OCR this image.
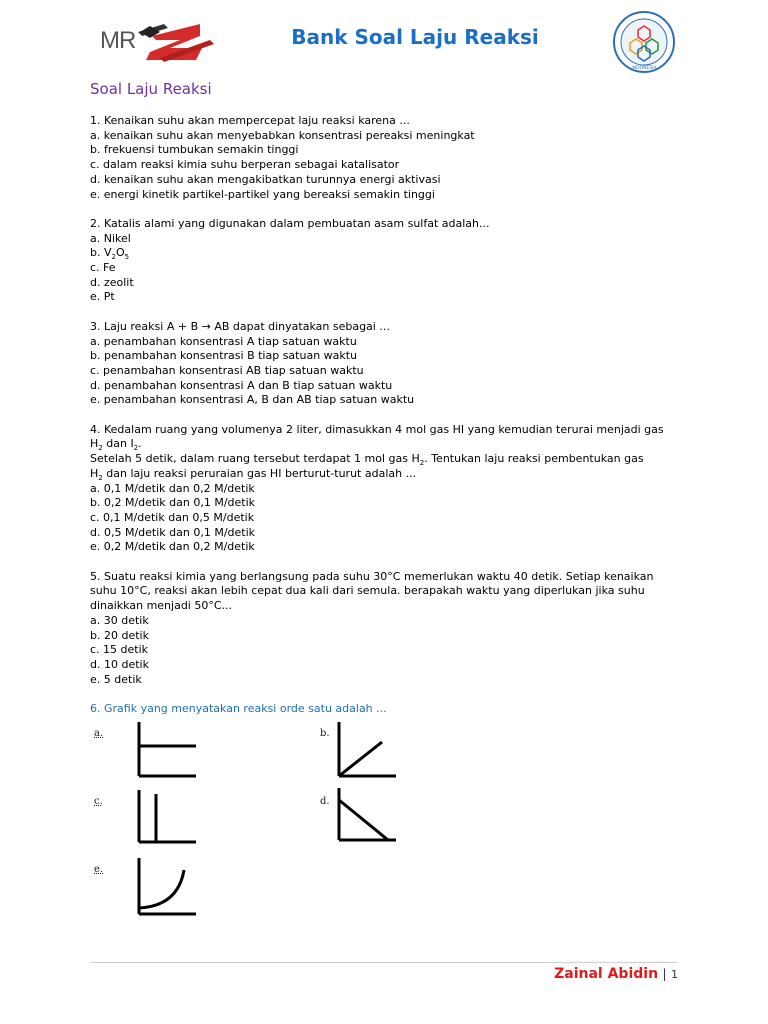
MR	Bank Soal Laju Reaksi
INDONESIA
Soal Laju Reaksi

1. Kenaikan suhu akan mempercepat laju reaksi karena ...

a. kenaikan suhu akan menyebabkan konsentrasi pereaksi meningkat

b. frekuensi tumbukan semakin tinggi

c. dalam reaksi kimia suhu berperan sebagai katalisator

d. kenaikan suhu akan mengakibatkan turunnya energi aktivasi

e. energi kinetik partikel-partikel yang bereaksi semakin tinggi

2. Katalis alami yang digunakan dalam pembuatan asam sulfat adalah...

a. Nikel

b. $V_2O_5$

c. Fe

d. zeolit

e. Pt

3. Laju reaksi A + B → AB dapat dinyatakan sebagai ...

a. penambahan konsentrasi A tiap satuan waktu

b. penambahan konsentrasi B tiap satuan waktu

c. penambahan konsentrasi AB tiap satuan waktu

d. penambahan konsentrasi A dan B tiap satuan waktu

e. penambahan konsentrasi A, B dan AB tiap satuan waktu

4. Kedalam ruang yang volumenya 2 liter, dimasukkan 4 mol gas HI yang kemudian terurai menjadi gas

$H_2$ dan $I_2$.

Setelah 5 detik, dalam ruang tersebut terdapat 1 mol gas $H_2$. Tentukan laju reaksi pembentukan gas

$H_2$ dan laju reaksi peruraian gas HI berturut-turut adalah ...

a. 0,1 M/detik dan 0,2 M/detik

b. 0,2 M/detik dan 0,1 M/detik

c. 0,1 M/detik dan 0,5 M/detik

d. 0,5 M/detik dan 0,1 M/detik

e. 0,2 M/detik dan 0,2 M/detik

5. Suatu reaksi kimia yang berlangsung pada suhu 30°C memerlukan waktu 40 detik. Setiap kenaikan

suhu 10°C, reaksi akan lebih cepat dua kali dari semula. berapakah waktu yang diperlukan jika suhu

dinaikkan menjadi 50°C...

a. 30 detik

b. 20 detik

c. 15 detik

d. 10 detik

e. 5 detik

6. Grafik yang menyatakan reaksi orde satu adalah ...

a.	b.
c.	d.
e.
Zainal Abidin | 1
